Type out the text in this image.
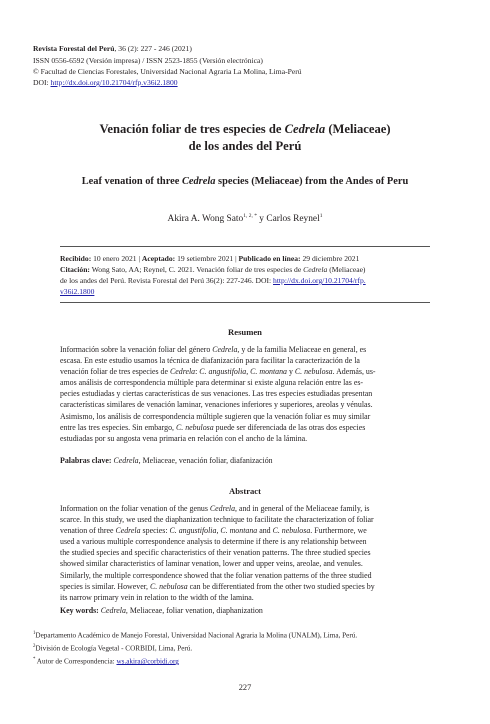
Revista Forestal del Perú, 36 (2): 227 - 246 (2021)
ISSN 0556-6592 (Versión impresa) / ISSN 2523-1855 (Versión electrónica)
© Facultad de Ciencias Forestales, Universidad Nacional Agraria La Molina, Lima-Perú
DOI: http://dx.doi.org/10.21704/rfp.v36i2.1800
Venación foliar de tres especies de Cedrela (Meliaceae)
de los andes del Perú
Leaf venation of three Cedrela species (Meliaceae) from the Andes of Peru
Akira A. Wong Sato$^{1, 2, *}$ y Carlos Reynel$^1$
Recibido: 10 enero 2021 | Aceptado: 19 setiembre 2021 | Publicado en línea: 29 diciembre 2021
Citación: Wong Sato, AA; Reynel, C. 2021. Venación foliar de tres especies de Cedrela (Meliaceae)
de los andes del Perú. Revista Forestal del Perú 36(2): 227-246. DOI: http://dx.doi.org/10.21704/rfp.
v36i2.1800
Resumen
Información sobre la venación foliar del género Cedrela, y de la familia Meliaceae en general, es
escasa. En este estudio usamos la técnica de diafanización para facilitar la caracterización de la
venación foliar de tres especies de Cedrela: C. angustifolia, C. montana y C. nebulosa. Además, us-
amos análisis de correspondencia múltiple para determinar si existe alguna relación entre las es-
pecies estudiadas y ciertas características de sus venaciones. Las tres especies estudiadas presentan
características similares de venación laminar, venaciones inferiores y superiores, areolas y vénulas.
Asimismo, los análisis de correspondencia múltiple sugieren que la venación foliar es muy similar
entre las tres especies. Sin embargo, C. nebulosa puede ser diferenciada de las otras dos especies
estudiadas por su angosta vena primaria en relación con el ancho de la lámina.
Palabras clave: Cedrela, Meliaceae, venación foliar, diafanización
Abstract
Information on the foliar venation of the genus Cedrela, and in general of the Meliaceae family, is
scarce. In this study, we used the diaphanization technique to facilitate the characterization of foliar
venation of three Cedrela species: C. angustifolia, C. montana and C. nebulosa. Furthermore, we
used a various multiple correspondence analysis to determine if there is any relationship between
the studied species and specific characteristics of their venation patterns. The three studied species
showed similar characteristics of laminar venation, lower and upper veins, areolae, and venules.
Similarly, the multiple correspondence showed that the foliar venation patterns of the three studied
species is similar. However, C. nebulosa can be differentiated from the other two studied species by
its narrow primary vein in relation to the width of the lamina.
Key words: Cedrela, Meliaceae, foliar venation, diaphanization
$^1$Departamento Académico de Manejo Forestal, Universidad Nacional Agraria la Molina (UNALM), Lima, Perú.
$^2$División de Ecología Vegetal - CORBIDI, Lima, Perú.
* Autor de Correspondencia: ws.akira@corbidi.org
227
